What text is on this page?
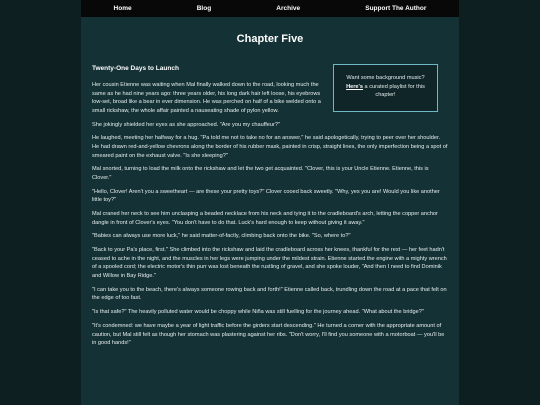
Home	Blog	Archive	Support The Author
Chapter Five
Twenty-One Days to Launch
Want some background music?
Here's a curated playlist for this chapter!

Her cousin Etienne was waiting when Mal finally walked down to the road, looking much the same as he had nine years ago: three years older, his long dark hair left loose, his eyebrows low-set, broad like a bear in ever dimension. He was perched on half of a bike welded onto a small rickshaw, the whole affair painted a nauseating shade of pylon yellow.

She jokingly shielded her eyes as she approached. "Are you my chauffeur?"

He laughed, meeting her halfway for a hug. "Pa told me not to take no for an answer," he said apologetically, trying to peer over her shoulder. He had drawn red-and-yellow chevrons along the border of his rubber mask, painted in crisp, straight lines, the only imperfection being a spot of smeared paint on the exhaust valve. "Is she sleeping?"

Mal snorted, turning to load the milk onto the rickshaw and let the two get acquainted. "Clover, this is your Uncle Etienne. Etienne, this is Clover."

"Hello, Clover! Aren't you a sweetheart — are these your pretty toys?" Clover cooed back sweetly. "Why, yes you are! Would you like another little toy?"

Mal craned her neck to see him unclasping a beaded necklace from his neck and tying it to the cradleboard's arch, letting the copper anchor dangle in front of Clover's eyes. "You don't have to do that. Luck's hard enough to keep without giving it away."

"Babies can always use more luck," he said matter-of-factly, climbing back onto the bike. "So, where to?"

"Back to your Pa's place, first." She climbed into the rickshaw and laid the cradleboard across her knees, thankful for the rest — her feet hadn't ceased to ache in the night, and the muscles in her legs were jumping under the mildest strain. Etienne started the engine with a mighty wrench of a spooled cord; the electric motor's thin purr was lost beneath the rustling of gravel, and she spoke louder, "And then I need to find Dominik and Willow in Bay Ridge."

"I can take you to the beach, there's always someone rowing back and forth!" Etienne called back, trundling down the road at a pace that felt on the edge of too fast.

"Is that safe?" The heavily polluted water would be choppy while Niña was still fuelling for the journey ahead. "What about the bridge?"

"It's condemned: we have maybe a year of light traffic before the girders start descending." He turned a corner with the appropriate amount of caution, but Mal still felt as though her stomach was plastering against her ribs. "Don't worry, I'll find you someone with a motorboat — you'll be in good hands!"
